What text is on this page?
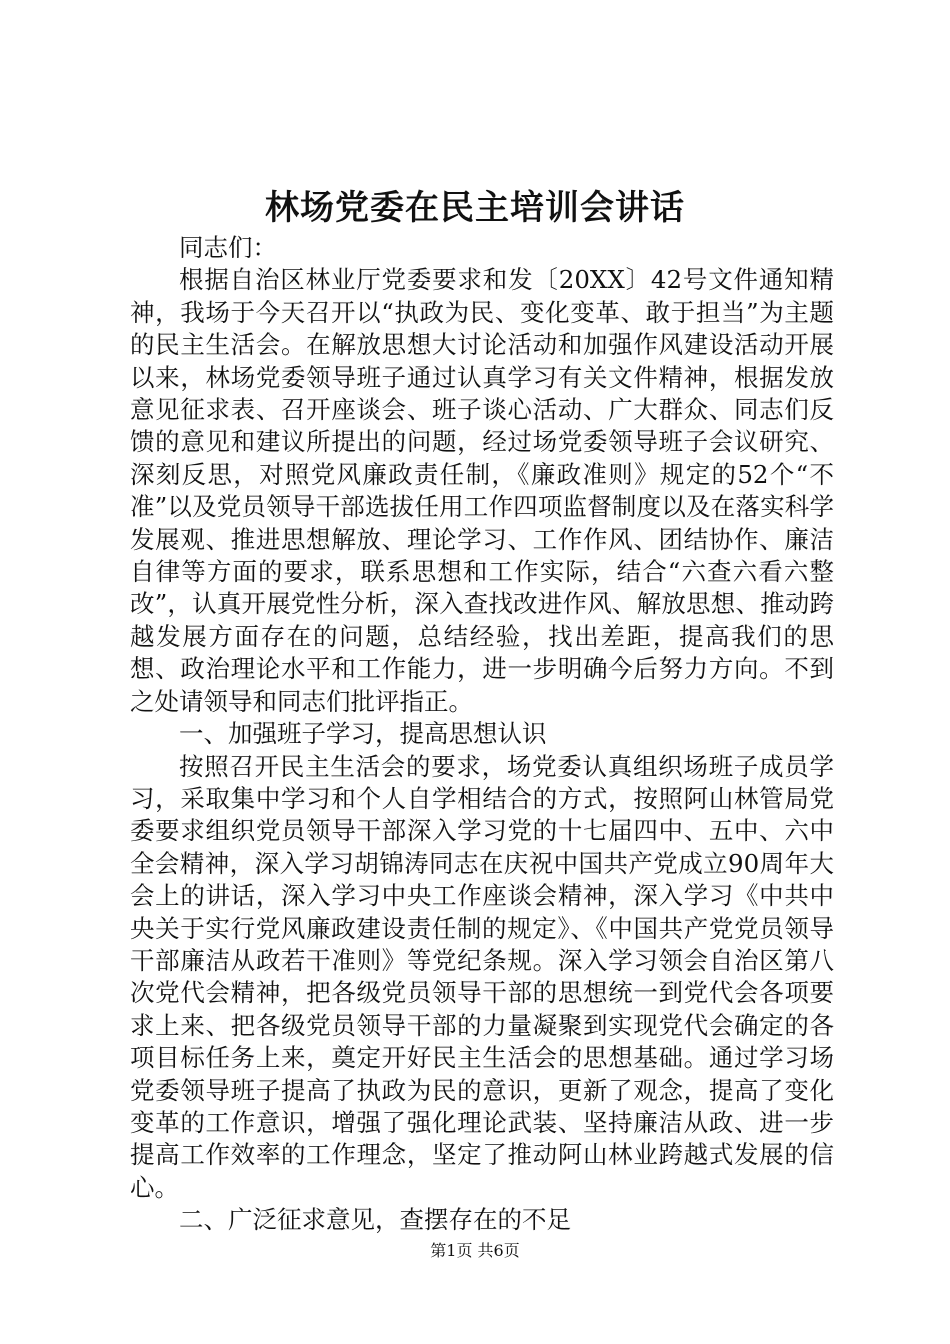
林场党委在民主培训会讲话

同志们：

根据自治区林业厅党委要求和发〔20XX〕42号文件通知精神，我场于今天召开以“执政为民、变化变革、敢于担当”为主题的民主生活会。在解放思想大讨论活动和加强作风建设活动开展以来，林场党委领导班子通过认真学习有关文件精神，根据发放意见征求表、召开座谈会、班子谈心活动、广大群众、同志们反馈的意见和建议所提出的问题，经过场党委领导班子会议研究、深刻反思，对照党风廉政责任制，《廉政准则》规定的52个“不准”以及党员领导干部选拔任用工作四项监督制度以及在落实科学发展观、推进思想解放、理论学习、工作作风、团结协作、廉洁自律等方面的要求，联系思想和工作实际，结合“六查六看六整改”，认真开展党性分析，深入查找改进作风、解放思想、推动跨越发展方面存在的问题，总结经验，找出差距，提高我们的思想、政治理论水平和工作能力，进一步明确今后努力方向。不到之处请领导和同志们批评指正。

一、加强班子学习，提高思想认识

按照召开民主生活会的要求，场党委认真组织场班子成员学习，采取集中学习和个人自学相结合的方式，按照阿山林管局党委要求组织党员领导干部深入学习党的十七届四中、五中、六中全会精神，深入学习胡锦涛同志在庆祝中国共产党成立90周年大会上的讲话，深入学习中央工作座谈会精神，深入学习《中共中央关于实行党风廉政建设责任制的规定》、《中国共产党党员领导干部廉洁从政若干准则》等党纪条规。深入学习领会自治区第八次党代会精神，把各级党员领导干部的思想统一到党代会各项要求上来、把各级党员领导干部的力量凝聚到实现党代会确定的各项目标任务上来，奠定开好民主生活会的思想基础。通过学习场党委领导班子提高了执政为民的意识，更新了观念，提高了变化变革的工作意识，增强了强化理论武装、坚持廉洁从政、进一步提高工作效率的工作理念，坚定了推动阿山林业跨越式发展的信心。

二、广泛征求意见，查摆存在的不足

第1页 共6页
